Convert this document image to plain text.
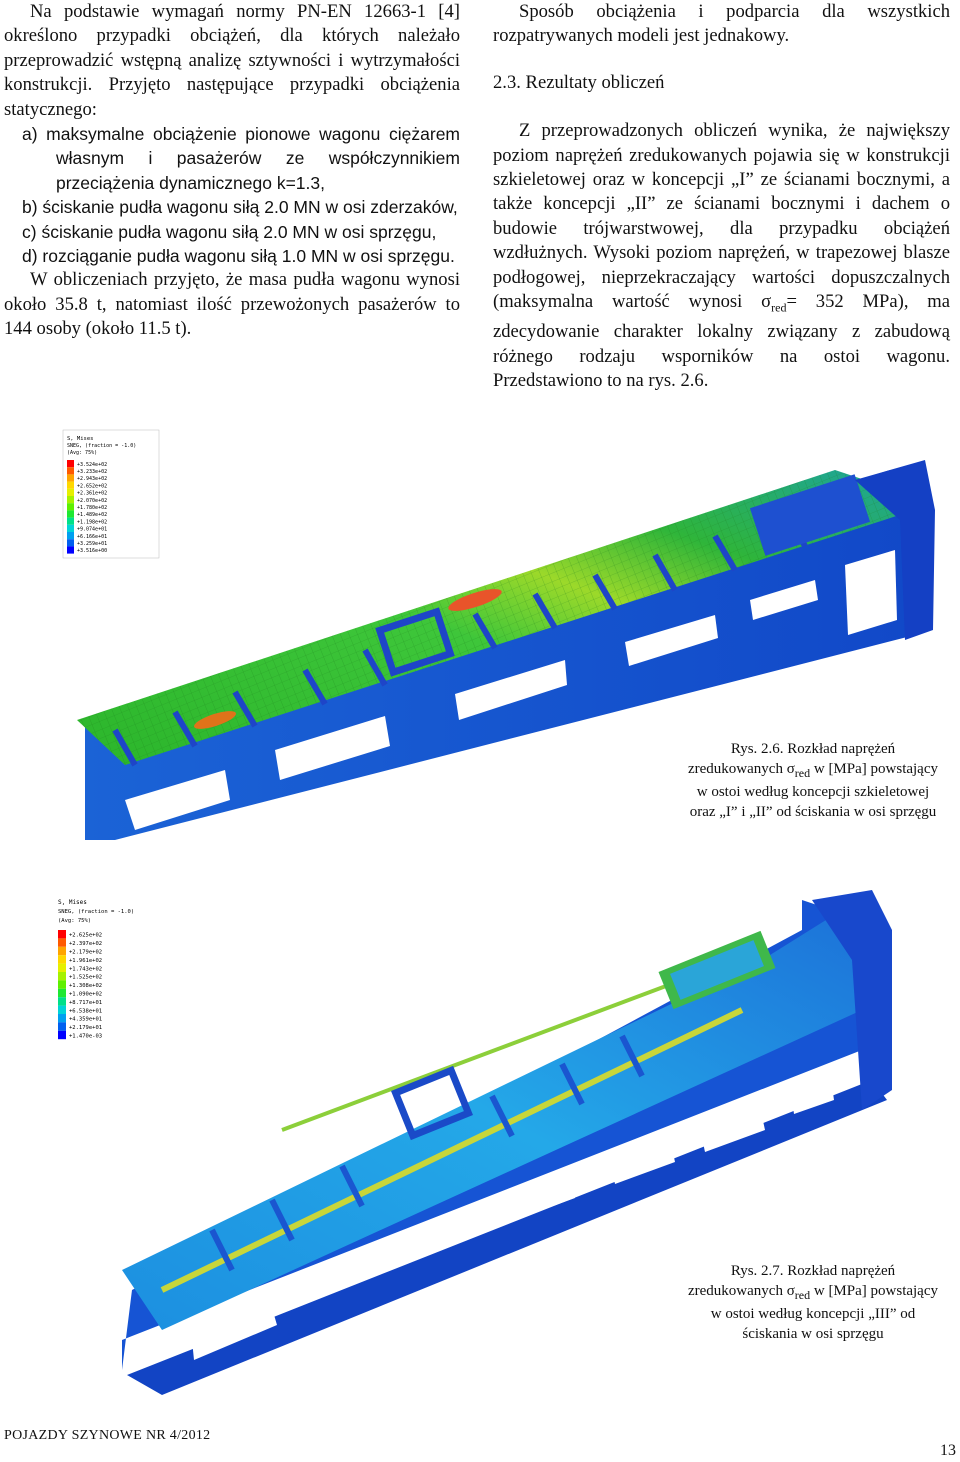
Na podstawie wymagań normy PN-EN 12663-1 [4] określono przypadki obciążeń, dla których należało przeprowadzić wstępną analizę sztywności i wytrzymałości konstrukcji. Przyjęto następujące przypadki obciążenia statycznego:

a) maksymalne obciążenie pionowe wagonu ciężarem własnym i pasażerów ze współczynnikiem przeciążenia dynamicznego k=1.3,

b) ściskanie pudła wagonu siłą 2.0 MN w osi zderzaków,

c) ściskanie pudła wagonu siłą 2.0 MN w osi sprzęgu,

d) rozciąganie pudła wagonu siłą 1.0 MN w osi sprzęgu.

W obliczeniach przyjęto, że masa pudła wagonu wynosi około 35.8 t, natomiast ilość przewożonych pasażerów to 144 osoby (około 11.5 t).

Sposób obciążenia i podparcia dla wszystkich rozpatrywanych modeli jest jednakowy.

2.3. Rezultaty obliczeń

Z przeprowadzonych obliczeń wynika, że największy poziom naprężeń zredukowanych pojawia się w konstrukcji szkieletowej oraz w koncepcji „I” ze ścianami bocznymi, a także koncepcji „II” ze ścianami bocznymi i dachem o budowie trójwarstwowej, dla przypadku obciążeń wzdłużnych. Wysoki poziom naprężeń, w trapezowej blasze podłogowej, nieprzekraczający wartości dopuszczalnych (maksymalna wartość wynosi $\sigma_{red}= 352$ MPa), ma zdecydowanie charakter lokalny związany z zabudową różnego rodzaju wsporników na ostoi wagonu. Przedstawiono to na rys. 2.6.

S, Mises
SNEG, (fraction = -1.0)
(Avg: 75%)
+3.524e+02
+3.233e+02
+2.943e+02
+2.652e+02
+2.361e+02
+2.070e+02
+1.780e+02
+1.489e+02
+1.198e+02
+9.074e+01
+6.166e+01
+3.259e+01
+3.516e+00
Rys. 2.6. Rozkład naprężeń zredukowanych $\sigma_{red}$ w [MPa] powstający w ostoi według koncepcji szkieletowej oraz „I” i „II” od ściskania w osi sprzęgu
S, Mises
SNEG, (fraction = -1.0)
(Avg: 75%)
+2.625e+02
+2.397e+02
+2.179e+02
+1.961e+02
+1.743e+02
+1.525e+02
+1.308e+02
+1.090e+02
+8.717e+01
+6.538e+01
+4.359e+01
+2.179e+01
+1.470e-03
Rys. 2.7. Rozkład naprężeń zredukowanych $\sigma_{red}$ w [MPa] powstający w ostoi według koncepcji „III” od ściskania w osi sprzęgu
POJAZDY SZYNOWE NR 4/2012
13
